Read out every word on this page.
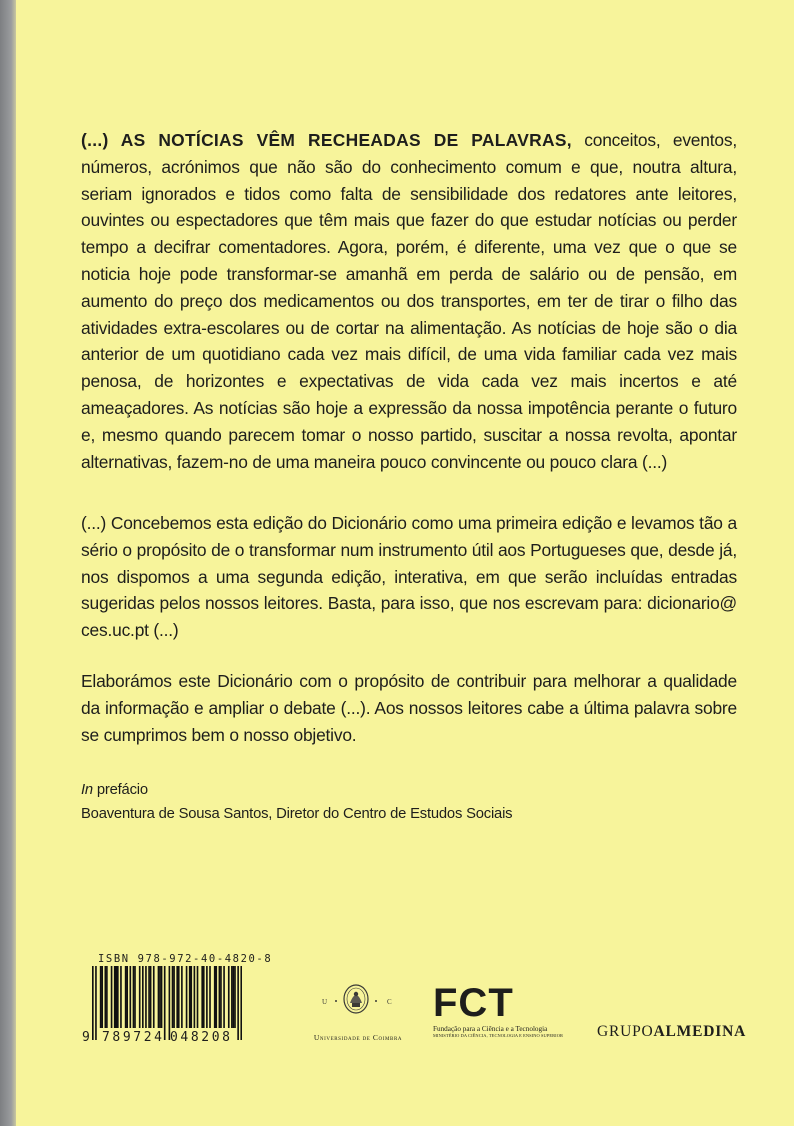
(...) AS NOTÍCIAS VÊM RECHEADAS DE PALAVRAS, conceitos, eventos, números, acrónimos que não são do conhecimento comum e que, noutra altura, seriam ignorados e tidos como falta de sensibilidade dos redatores ante leitores, ouvintes ou espectadores que têm mais que fazer do que estudar notícias ou perder tempo a decifrar comentadores. Agora, porém, é diferente, uma vez que o que se noticia hoje pode transformar-se amanhã em perda de salário ou de pensão, em aumento do preço dos medicamentos ou dos transportes, em ter de tirar o filho das atividades extra-escolares ou de cortar na alimentação. As notícias de hoje são o dia anterior de um quotidiano cada vez mais difícil, de uma vida familiar cada vez mais penosa, de horizontes e expectativas de vida cada vez mais incertos e até ameaçadores. As notícias são hoje a expressão da nossa impotência perante o futuro e, mesmo quando parecem tomar o nosso partido, suscitar a nossa revolta, apontar alternativas, fazem-no de uma maneira pouco convincente ou pouco clara (...)

(...) Concebemos esta edição do Dicionário como uma primeira edição e levamos tão a sério o propósito de o transformar num instrumento útil aos Portugueses que, desde já, nos dispomos a uma segunda edição, interativa, em que serão incluídas entradas sugeridas pelos nossos leitores. Basta, para isso, que nos escrevam para: dicionario@ ces.uc.pt (...)

Elaborámos este Dicionário com o propósito de contribuir para melhorar a qualidade da informação e ampliar o debate (...). Aos nossos leitores cabe a última palavra sobre se cumprimos bem o nosso objetivo.

In prefácio
Boaventura de Sousa Santos, Diretor do Centro de Estudos Sociais
ISBN 978-972-40-4820-8
9 789724 048208
U	C
Universidade de Coimbra
FCT
Fundação para a Ciência e a Tecnologia
MINISTÉRIO DA CIÊNCIA, TECNOLOGIA E ENSINO SUPERIOR GRUPOALMEDINA
